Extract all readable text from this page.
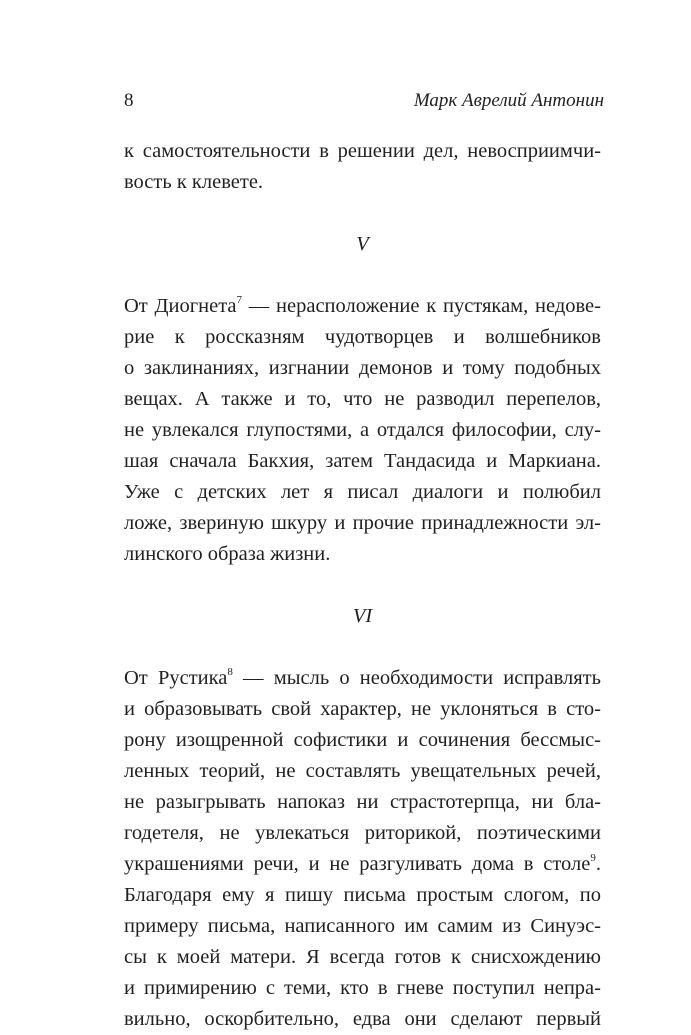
8	Марк Аврелий Антонин
к самостоятельности в решении дел, невосприимчи-
вость к клевете.
V
От Диогнета$^7$ — нерасположение к пустякам, недове-
рие к россказням чудотворцев и волшебников
о заклинаниях, изгнании демонов и тому подобных
вещах. А также и то, что не разводил перепелов,
не увлекался глупостями, а отдался философии, слу-
шая сначала Бакхия, затем Тандасида и Маркиана.
Уже с детских лет я писал диалоги и полюбил
ложе, звериную шкуру и прочие принадлежности эл-
линского образа жизни.
VI
От Рустика$^8$ — мысль о необходимости исправлять
и образовывать свой характер, не уклоняться в сто-
рону изощренной софистики и сочинения бессмыс-
ленных теорий, не составлять увещательных речей,
не разыгрывать напоказ ни страстотерпца, ни бла-
годетеля, не увлекаться риторикой, поэтическими
украшениями речи, и не разгуливать дома в столе$^9$.
Благодаря ему я пишу письма простым слогом, по
примеру письма, написанного им самим из Синуэс-
сы к моей матери. Я всегда готов к снисхождению
и примирению с теми, кто в гневе поступил непра-
вильно, оскорбительно, едва они сделают первый
